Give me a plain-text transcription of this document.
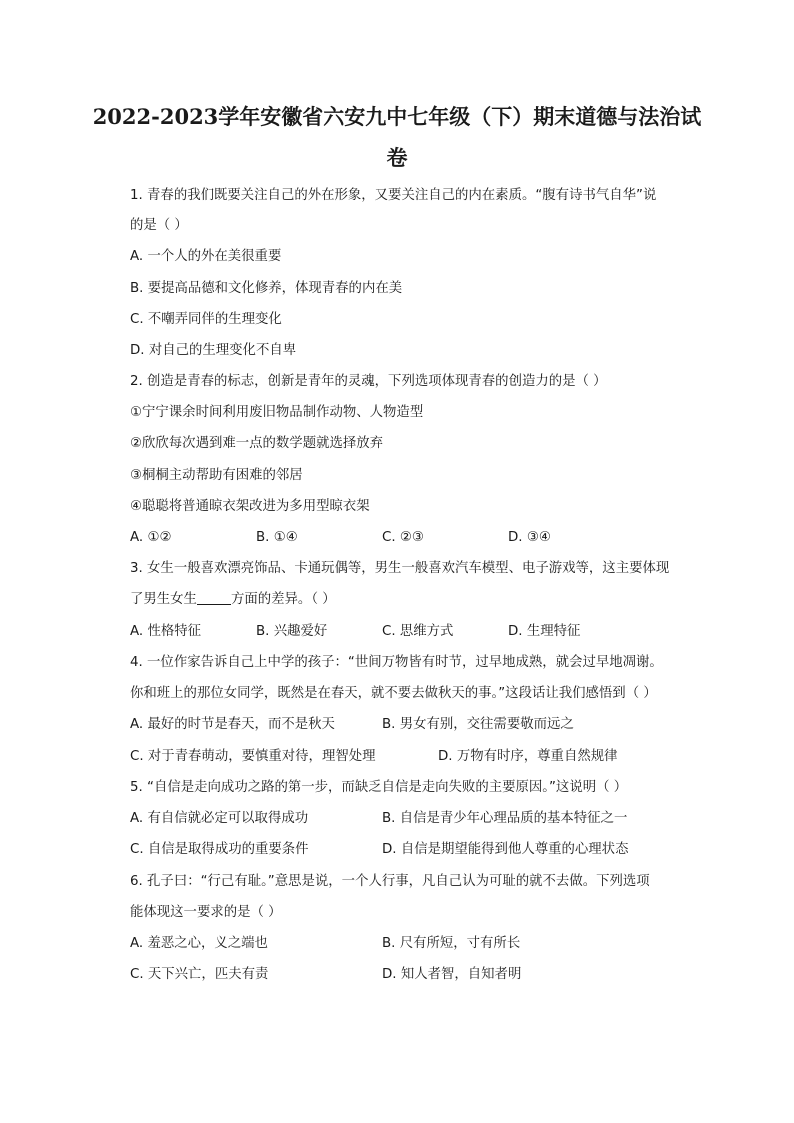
2022-2023学年安徽省六安九中七年级（下）期末道德与法治试
卷
1. 青春的我们既要关注自己的外在形象，又要关注自己的内在素质。“腹有诗书气自华”说
的是（ ）
A. 一个人的外在美很重要
B. 要提高品德和文化修养，体现青春的内在美
C. 不嘲弄同伴的生理变化
D. 对自己的生理变化不自卑
2. 创造是青春的标志，创新是青年的灵魂，下列选项体现青春的创造力的是（ ）
①宁宁课余时间利用废旧物品制作动物、人物造型
②欣欣每次遇到难一点的数学题就选择放弃
③桐桐主动帮助有困难的邻居
④聪聪将普通晾衣架改进为多用型晾衣架
A. ①②	B. ①④	C. ②③	D. ③④
3. 女生一般喜欢漂亮饰品、卡通玩偶等，男生一般喜欢汽车模型、电子游戏等，这主要体现
了男生女生	方面的差异。（ ）
A. 性格特征	B. 兴趣爱好	C. 思维方式	D. 生理特征
4. 一位作家告诉自己上中学的孩子：“世间万物皆有时节，过早地成熟，就会过早地凋谢。
你和班上的那位女同学，既然是在春天，就不要去做秋天的事。”这段话让我们感悟到（ ）
A. 最好的时节是春天，而不是秋天	B. 男女有别，交往需要敬而远之
C. 对于青春萌动，要慎重对待，理智处理	D. 万物有时序，尊重自然规律
5. “自信是走向成功之路的第一步，而缺乏自信是走向失败的主要原因。”这说明（ ）
A. 有自信就必定可以取得成功	B. 自信是青少年心理品质的基本特征之一
C. 自信是取得成功的重要条件	D. 自信是期望能得到他人尊重的心理状态
6. 孔子曰：“行己有耻。”意思是说，一个人行事，凡自己认为可耻的就不去做。下列选项
能体现这一要求的是（ ）
A. 羞恶之心，义之端也	B. 尺有所短，寸有所长
C. 天下兴亡，匹夫有责	D. 知人者智，自知者明
